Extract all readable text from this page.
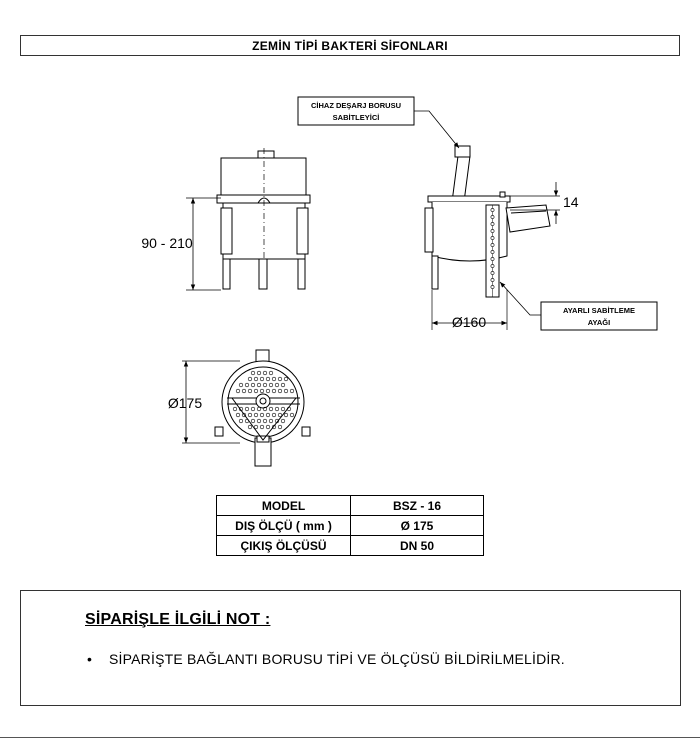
ZEMİN TİPİ BAKTERİ SİFONLARI
90 - 210
14
Ø160
CİHAZ DEŞARJ BORUSU
SABİTLEYİCİ
AYARLI SABİTLEME
AYAĞI
Ø175
MODEL	BSZ - 16
DIŞ ÖLÇÜ ( mm )	Ø 175
ÇIKIŞ ÖLÇÜSÜ	DN 50
SİPARİŞLE İLGİLİ NOT :
• SİPARİŞTE BAĞLANTI BORUSU TİPİ VE ÖLÇÜSÜ BİLDİRİLMELİDİR.
